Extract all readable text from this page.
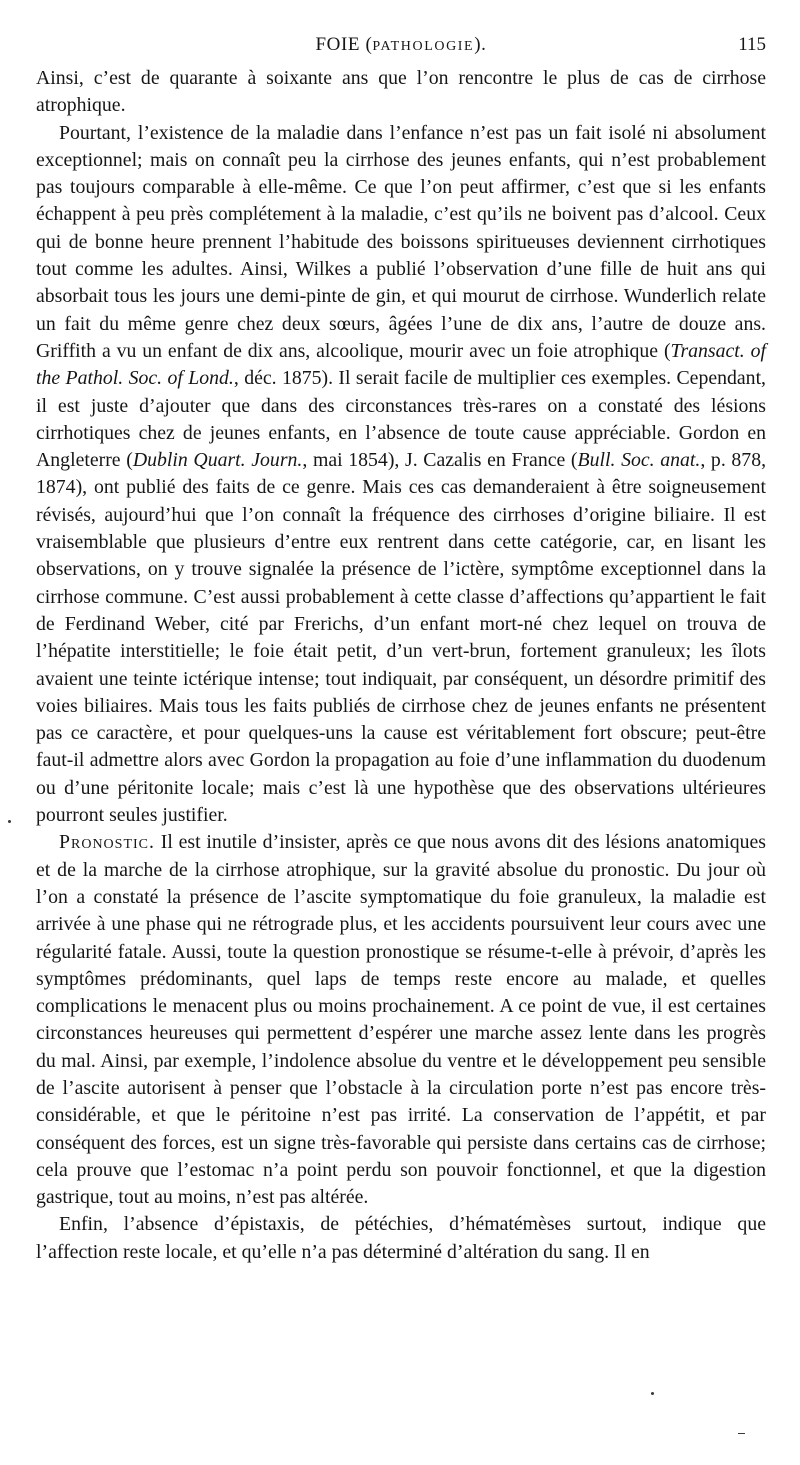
FOIE (PATHOLOGIE).	115

Ainsi, c’est de quarante à soixante ans que l’on rencontre le plus de cas de cirrhose atrophique.

Pourtant, l’existence de la maladie dans l’enfance n’est pas un fait isolé ni absolument exceptionnel; mais on connaît peu la cirrhose des jeunes enfants, qui n’est probablement pas toujours comparable à elle-même. Ce que l’on peut affirmer, c’est que si les enfants échappent à peu près complétement à la maladie, c’est qu’ils ne boivent pas d’alcool. Ceux qui de bonne heure prennent l’habitude des boissons spiritueuses deviennent cirrhotiques tout comme les adultes. Ainsi, Wilkes a publié l’observation d’une fille de huit ans qui absorbait tous les jours une demi-pinte de gin, et qui mourut de cirrhose. Wunderlich relate un fait du même genre chez deux sœurs, âgées l’une de dix ans, l’autre de douze ans. Griffith a vu un enfant de dix ans, alcoolique, mourir avec un foie atrophique (Transact. of the Pathol. Soc. of Lond., déc. 1875). Il serait facile de multiplier ces exemples. Cependant, il est juste d’ajouter que dans des circonstances très-rares on a constaté des lésions cirrhotiques chez de jeunes enfants, en l’absence de toute cause appréciable. Gordon en Angleterre (Dublin Quart. Journ., mai 1854), J. Cazalis en France (Bull. Soc. anat., p. 878, 1874), ont publié des faits de ce genre. Mais ces cas demanderaient à être soigneusement révisés, aujourd’hui que l’on connaît la fréquence des cirrhoses d’origine biliaire. Il est vraisemblable que plusieurs d’entre eux rentrent dans cette catégorie, car, en lisant les observations, on y trouve signalée la présence de l’ictère, symptôme exceptionnel dans la cirrhose commune. C’est aussi probablement à cette classe d’affections qu’appartient le fait de Ferdinand Weber, cité par Frerichs, d’un enfant mort-né chez lequel on trouva de l’hépatite interstitielle; le foie était petit, d’un vert-brun, fortement granuleux; les îlots avaient une teinte ictérique intense; tout indiquait, par conséquent, un désordre primitif des voies biliaires. Mais tous les faits publiés de cirrhose chez de jeunes enfants ne présentent pas ce caractère, et pour quelques-uns la cause est véritablement fort obscure; peut-être faut-il admettre alors avec Gordon la propagation au foie d’une inflammation du duodenum ou d’une péritonite locale; mais c’est là une hypothèse que des observations ultérieures pourront seules justifier.

Pronostic. Il est inutile d’insister, après ce que nous avons dit des lésions anatomiques et de la marche de la cirrhose atrophique, sur la gravité absolue du pronostic. Du jour où l’on a constaté la présence de l’ascite symptomatique du foie granuleux, la maladie est arrivée à une phase qui ne rétrograde plus, et les accidents poursuivent leur cours avec une régularité fatale. Aussi, toute la question pronostique se résume-t-elle à prévoir, d’après les symptômes prédominants, quel laps de temps reste encore au malade, et quelles complications le menacent plus ou moins prochainement. A ce point de vue, il est certaines circonstances heureuses qui permettent d’espérer une marche assez lente dans les progrès du mal. Ainsi, par exemple, l’indolence absolue du ventre et le développement peu sensible de l’ascite autorisent à penser que l’obstacle à la circulation porte n’est pas encore très-considérable, et que le péritoine n’est pas irrité. La conservation de l’appétit, et par conséquent des forces, est un signe très-favorable qui persiste dans certains cas de cirrhose; cela prouve que l’estomac n’a point perdu son pouvoir fonctionnel, et que la digestion gastrique, tout au moins, n’est pas altérée.

Enfin, l’absence d’épistaxis, de pétéchies, d’hématémèses surtout, indique que l’affection reste locale, et qu’elle n’a pas déterminé d’altération du sang. Il en
